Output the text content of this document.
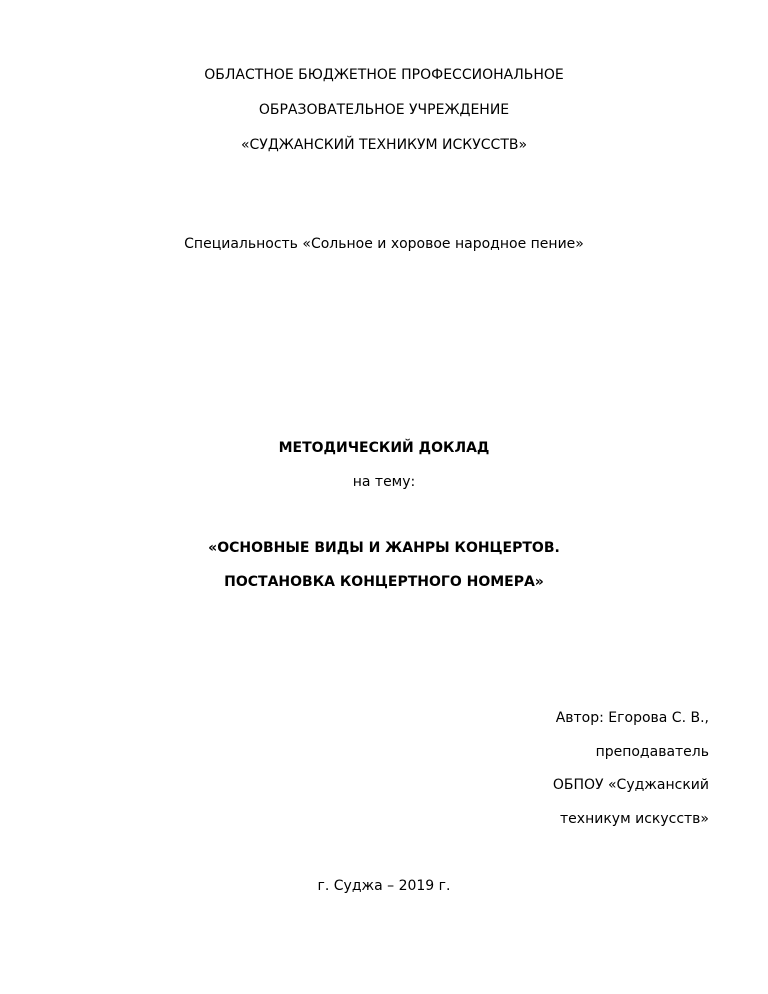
ОБЛАСТНОЕ БЮДЖЕТНОЕ ПРОФЕССИОНАЛЬНОЕ
ОБРАЗОВАТЕЛЬНОЕ УЧРЕЖДЕНИЕ
«СУДЖАНСКИЙ ТЕХНИКУМ ИСКУССТВ»
Специальность «Сольное и хоровое народное пение»
МЕТОДИЧЕСКИЙ ДОКЛАД
на тему:
«ОСНОВНЫЕ ВИДЫ И ЖАНРЫ КОНЦЕРТОВ.
ПОСТАНОВКА КОНЦЕРТНОГО НОМЕРА»
Автор: Егорова С. В.,
преподаватель
ОБПОУ «Суджанский
техникум искусств»
г. Суджа – 2019 г.
